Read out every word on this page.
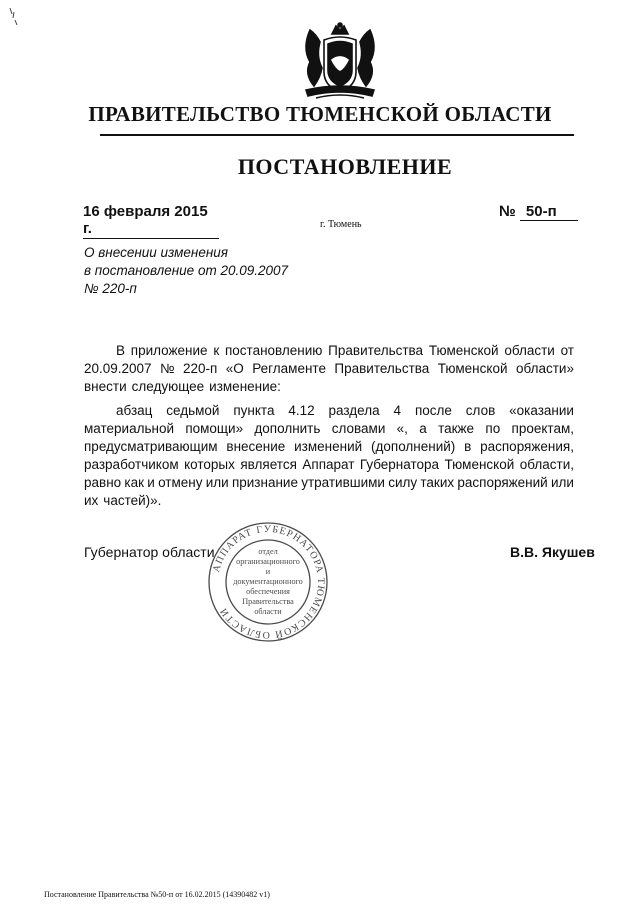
ПРАВИТЕЛЬСТВО ТЮМЕНСКОЙ ОБЛАСТИ
ПОСТАНОВЛЕНИЕ
16 февраля 2015 г.
№ 50-п
г. Тюмень
О внесении изменения
в постановление от 20.09.2007
№ 220-п
В приложение к постановлению Правительства Тюменской области от
20.09.2007 № 220-п «О Регламенте Правительства Тюменской области»
внести следующее изменение:
абзац седьмой пункта 4.12 раздела 4 после слов «оказании
материальной помощи» дополнить словами «, а также по проектам,
предусматривающим внесение изменений (дополнений) в распоряжения,
разработчиком которых является Аппарат Губернатора Тюменской области,
равно как и отмену или признание утратившими силу таких распоряжений или
их частей)».
Губернатор области
АППАРАТ ГУБЕРНАТОРА ТЮМЕНСКОЙ ОБЛАСТИ
отдел
организационного
и
документационного
обеспечения
Правительства
области
В.В. Якушев
Постановление Правительства №50-п от 16.02.2015 (14390482 v1)
